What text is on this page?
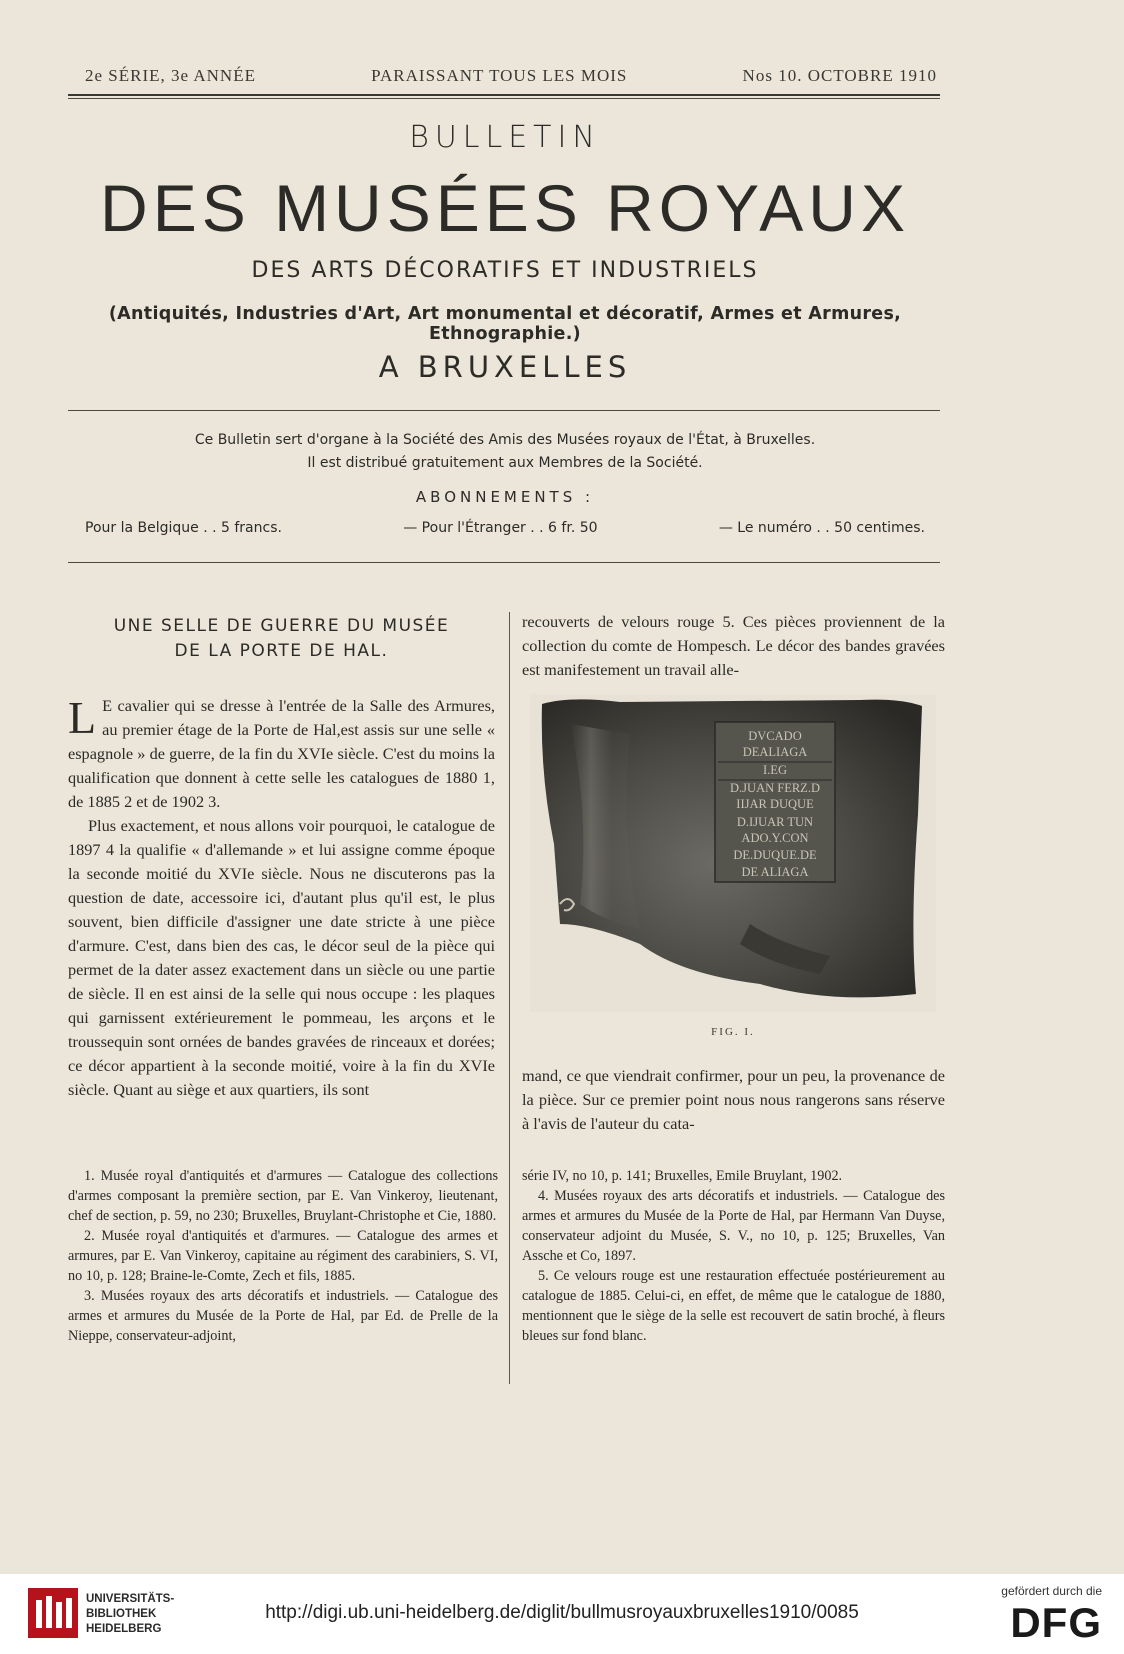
2e SÉRIE, 3e ANNÉE	PARAISSANT TOUS LES MOIS	Nos 10. OCTOBRE 1910
BULLETIN
DES MUSÉES ROYAUX
DES ARTS DÉCORATIFS ET INDUSTRIELS
(Antiquités, Industries d'Art, Art monumental et décoratif, Armes et Armures, Ethnographie.)
A BRUXELLES
Ce Bulletin sert d'organe à la Société des Amis des Musées royaux de l'État, à Bruxelles.
Il est distribué gratuitement aux Membres de la Société.
ABONNEMENTS :
Pour la Belgique . . 5 francs.	— Pour l'Étranger . . 6 fr. 50	— Le numéro . . 50 centimes.
UNE SELLE DE GUERRE DU MUSÉE
DE LA PORTE DE HAL.

L E cavalier qui se dresse à l'entrée de la Salle des Armures, au premier étage de la Porte de Hal,est assis sur une selle « espagnole » de guerre, de la fin du XVIe siècle. C'est du moins la qualification que donnent à cette selle les catalogues de 1880 1, de 1885 2 et de 1902 3.

Plus exactement, et nous allons voir pourquoi, le catalogue de 1897 4 la qualifie « d'allemande » et lui assigne comme époque la seconde moitié du XVIe siècle. Nous ne discuterons pas la question de date, accessoire ici, d'autant plus qu'il est, le plus souvent, bien difficile d'assigner une date stricte à une pièce d'armure. C'est, dans bien des cas, le décor seul de la pièce qui permet de la dater assez exactement dans un siècle ou une partie de siècle. Il en est ainsi de la selle qui nous occupe : les plaques qui garnissent extérieurement le pommeau, les arçons et le troussequin sont ornées de bandes gravées de rinceaux et dorées; ce décor appartient à la seconde moitié, voire à la fin du XVIe siècle. Quant au siège et aux quartiers, ils sont

recouverts de velours rouge 5. Ces pièces proviennent de la collection du comte de Hompesch. Le décor des bandes gravées est manifestement un travail alle-
DVCADO
DEALIAGA
I.EG
D.JUAN FERZ.D
IIJAR DUQUE
D.IJUAR TUN
ADO.Y.CON
DE.DUQUE.DE
DE ALIAGA
FIG. I.
mand, ce que viendrait confirmer, pour un peu, la provenance de la pièce. Sur ce premier point nous nous rangerons sans réserve à l'avis de l'auteur du cata-

1. Musée royal d'antiquités et d'armures — Catalogue des collections d'armes composant la première section, par E. Van Vinkeroy, lieutenant, chef de section, p. 59, no 230; Bruxelles, Bruylant-Christophe et Cie, 1880.

2. Musée royal d'antiquités et d'armures. — Catalogue des armes et armures, par E. Van Vinkeroy, capitaine au régiment des carabiniers, S. VI, no 10, p. 128; Braine-le-Comte, Zech et fils, 1885.

3. Musées royaux des arts décoratifs et industriels. — Catalogue des armes et armures du Musée de la Porte de Hal, par Ed. de Prelle de la Nieppe, conservateur-adjoint,

série IV, no 10, p. 141; Bruxelles, Emile Bruylant, 1902.

4. Musées royaux des arts décoratifs et industriels. — Catalogue des armes et armures du Musée de la Porte de Hal, par Hermann Van Duyse, conservateur adjoint du Musée, S. V., no 10, p. 125; Bruxelles, Van Assche et Co, 1897.

5. Ce velours rouge est une restauration effectuée postérieurement au catalogue de 1885. Celui-ci, en effet, de même que le catalogue de 1880, mentionnent que le siège de la selle est recouvert de satin broché, à fleurs bleues sur fond blanc.

UNIVERSITÄTS-
BIBLIOTHEK
HEIDELBERG
http://digi.ub.uni-heidelberg.de/diglit/bullmusroyauxbruxelles1910/0085
gefördert durch die
DFG
